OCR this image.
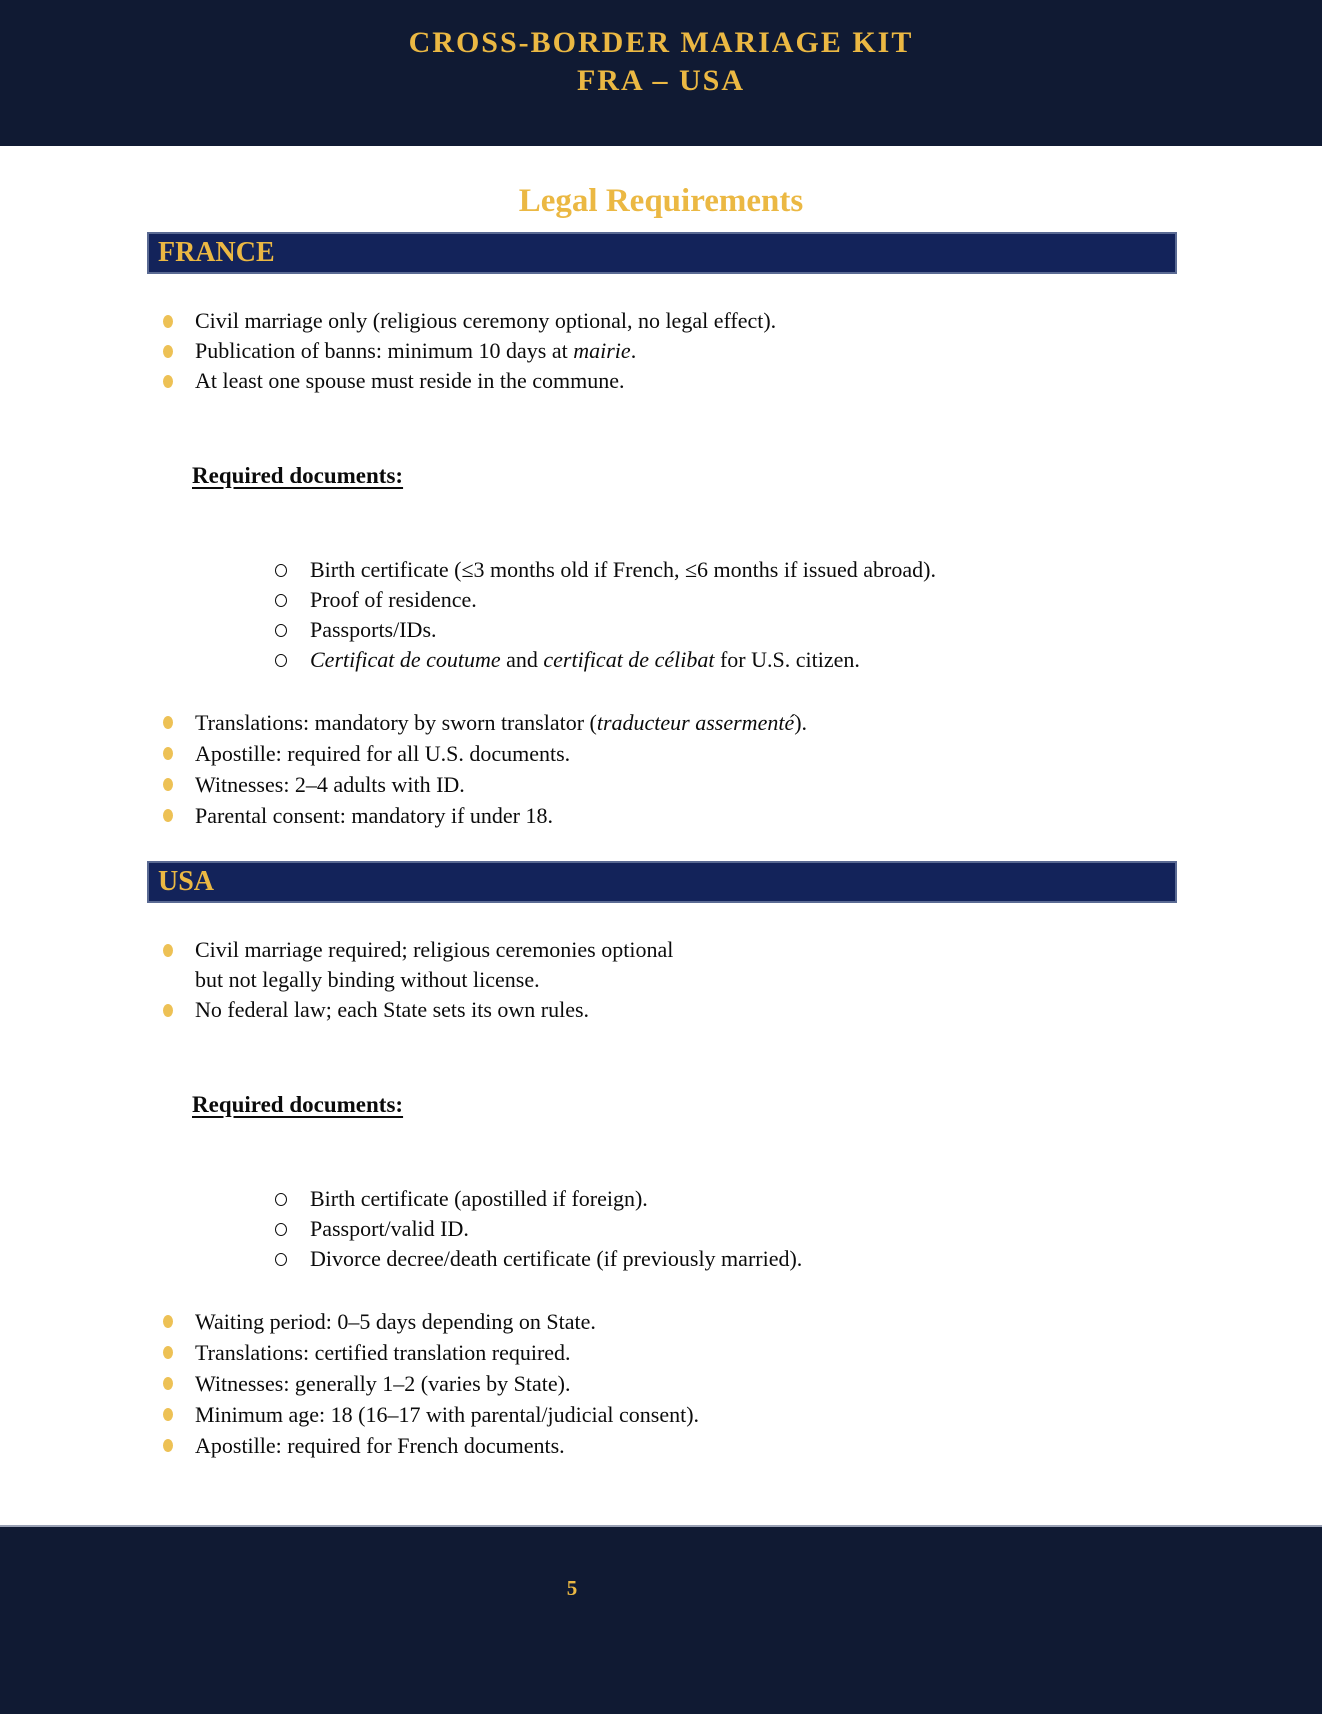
CROSS-BORDER MARIAGE KIT
FRA – USA
Legal Requirements
FRANCE
Civil marriage only (religious ceremony optional, no legal effect).
Publication of banns: minimum 10 days at mairie.
At least one spouse must reside in the commune.
Required documents:
Birth certificate (≤3 months old if French, ≤6 months if issued abroad).
Proof of residence.
Passports/IDs.
Certificat de coutume and certificat de célibat for U.S. citizen.
Translations: mandatory by sworn translator (traducteur assermenté).
Apostille: required for all U.S. documents.
Witnesses: 2–4 adults with ID.
Parental consent: mandatory if under 18.
USA
Civil marriage required; religious ceremonies optional
but not legally binding without license.
No federal law; each State sets its own rules.
Required documents:
Birth certificate (apostilled if foreign).
Passport/valid ID.
Divorce decree/death certificate (if previously married).
Waiting period: 0–5 days depending on State.
Translations: certified translation required.
Witnesses: generally 1–2 (varies by State).
Minimum age: 18 (16–17 with parental/judicial consent).
Apostille: required for French documents.
5
